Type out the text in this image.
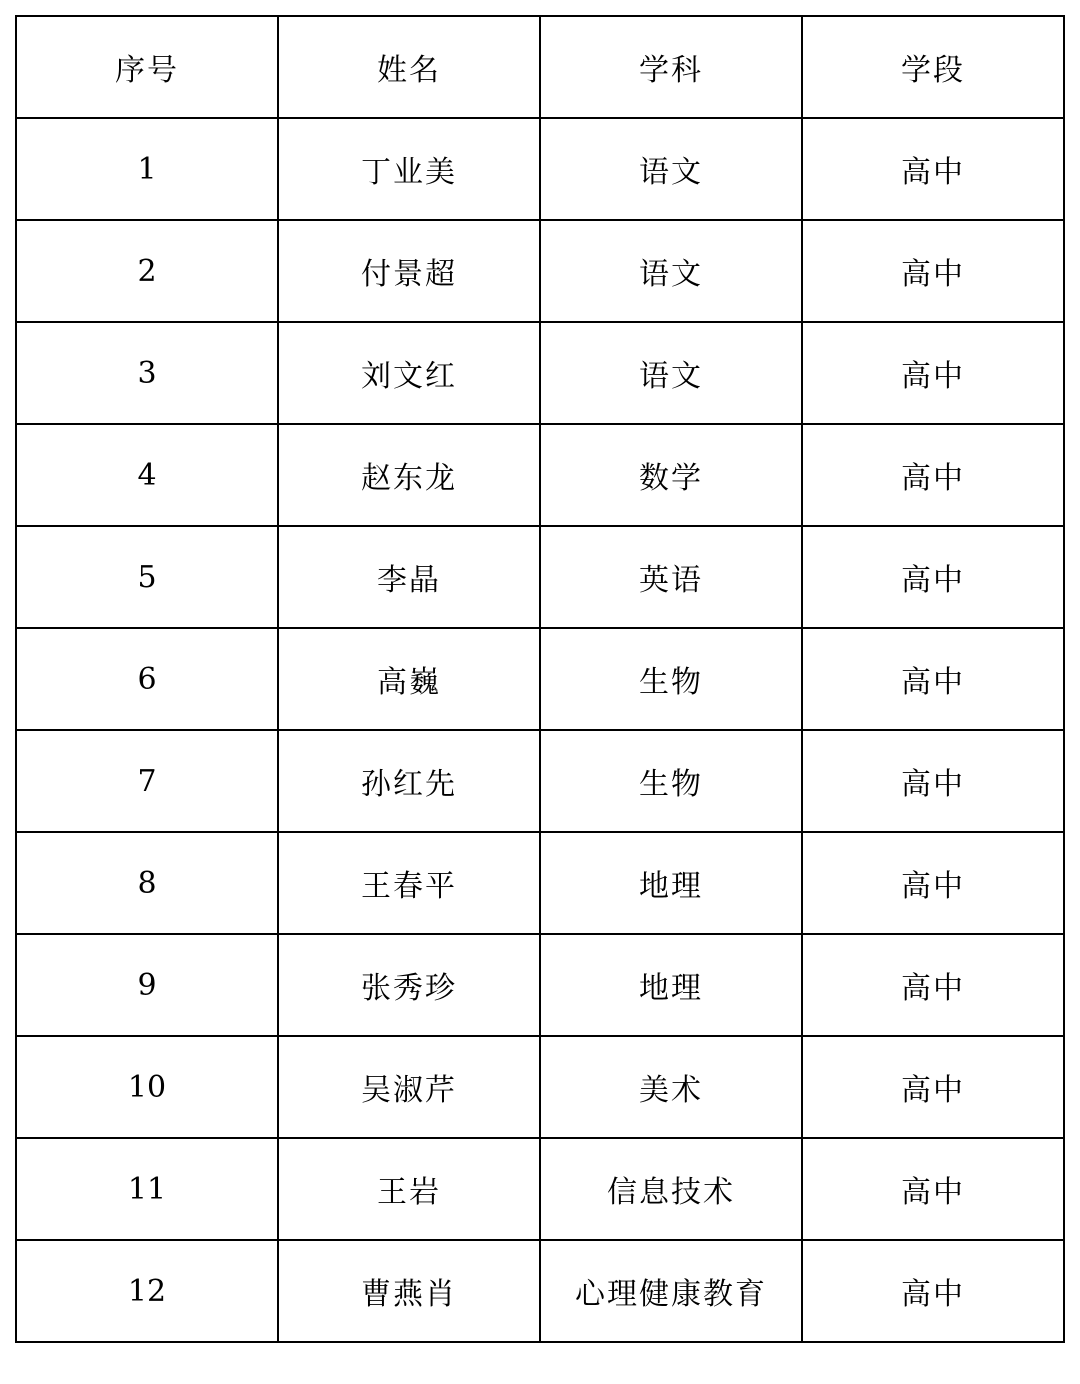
序号	姓名	学科	学段
1	丁业美	语文	高中
2	付景超	语文	高中
3	刘文红	语文	高中
4	赵东龙	数学	高中
5	李晶	英语	高中
6	高巍	生物	高中
7	孙红先	生物	高中
8	王春平	地理	高中
9	张秀珍	地理	高中
10	吴淑芹	美术	高中
11	王岩	信息技术	高中
12	曹燕肖	心理健康教育	高中
